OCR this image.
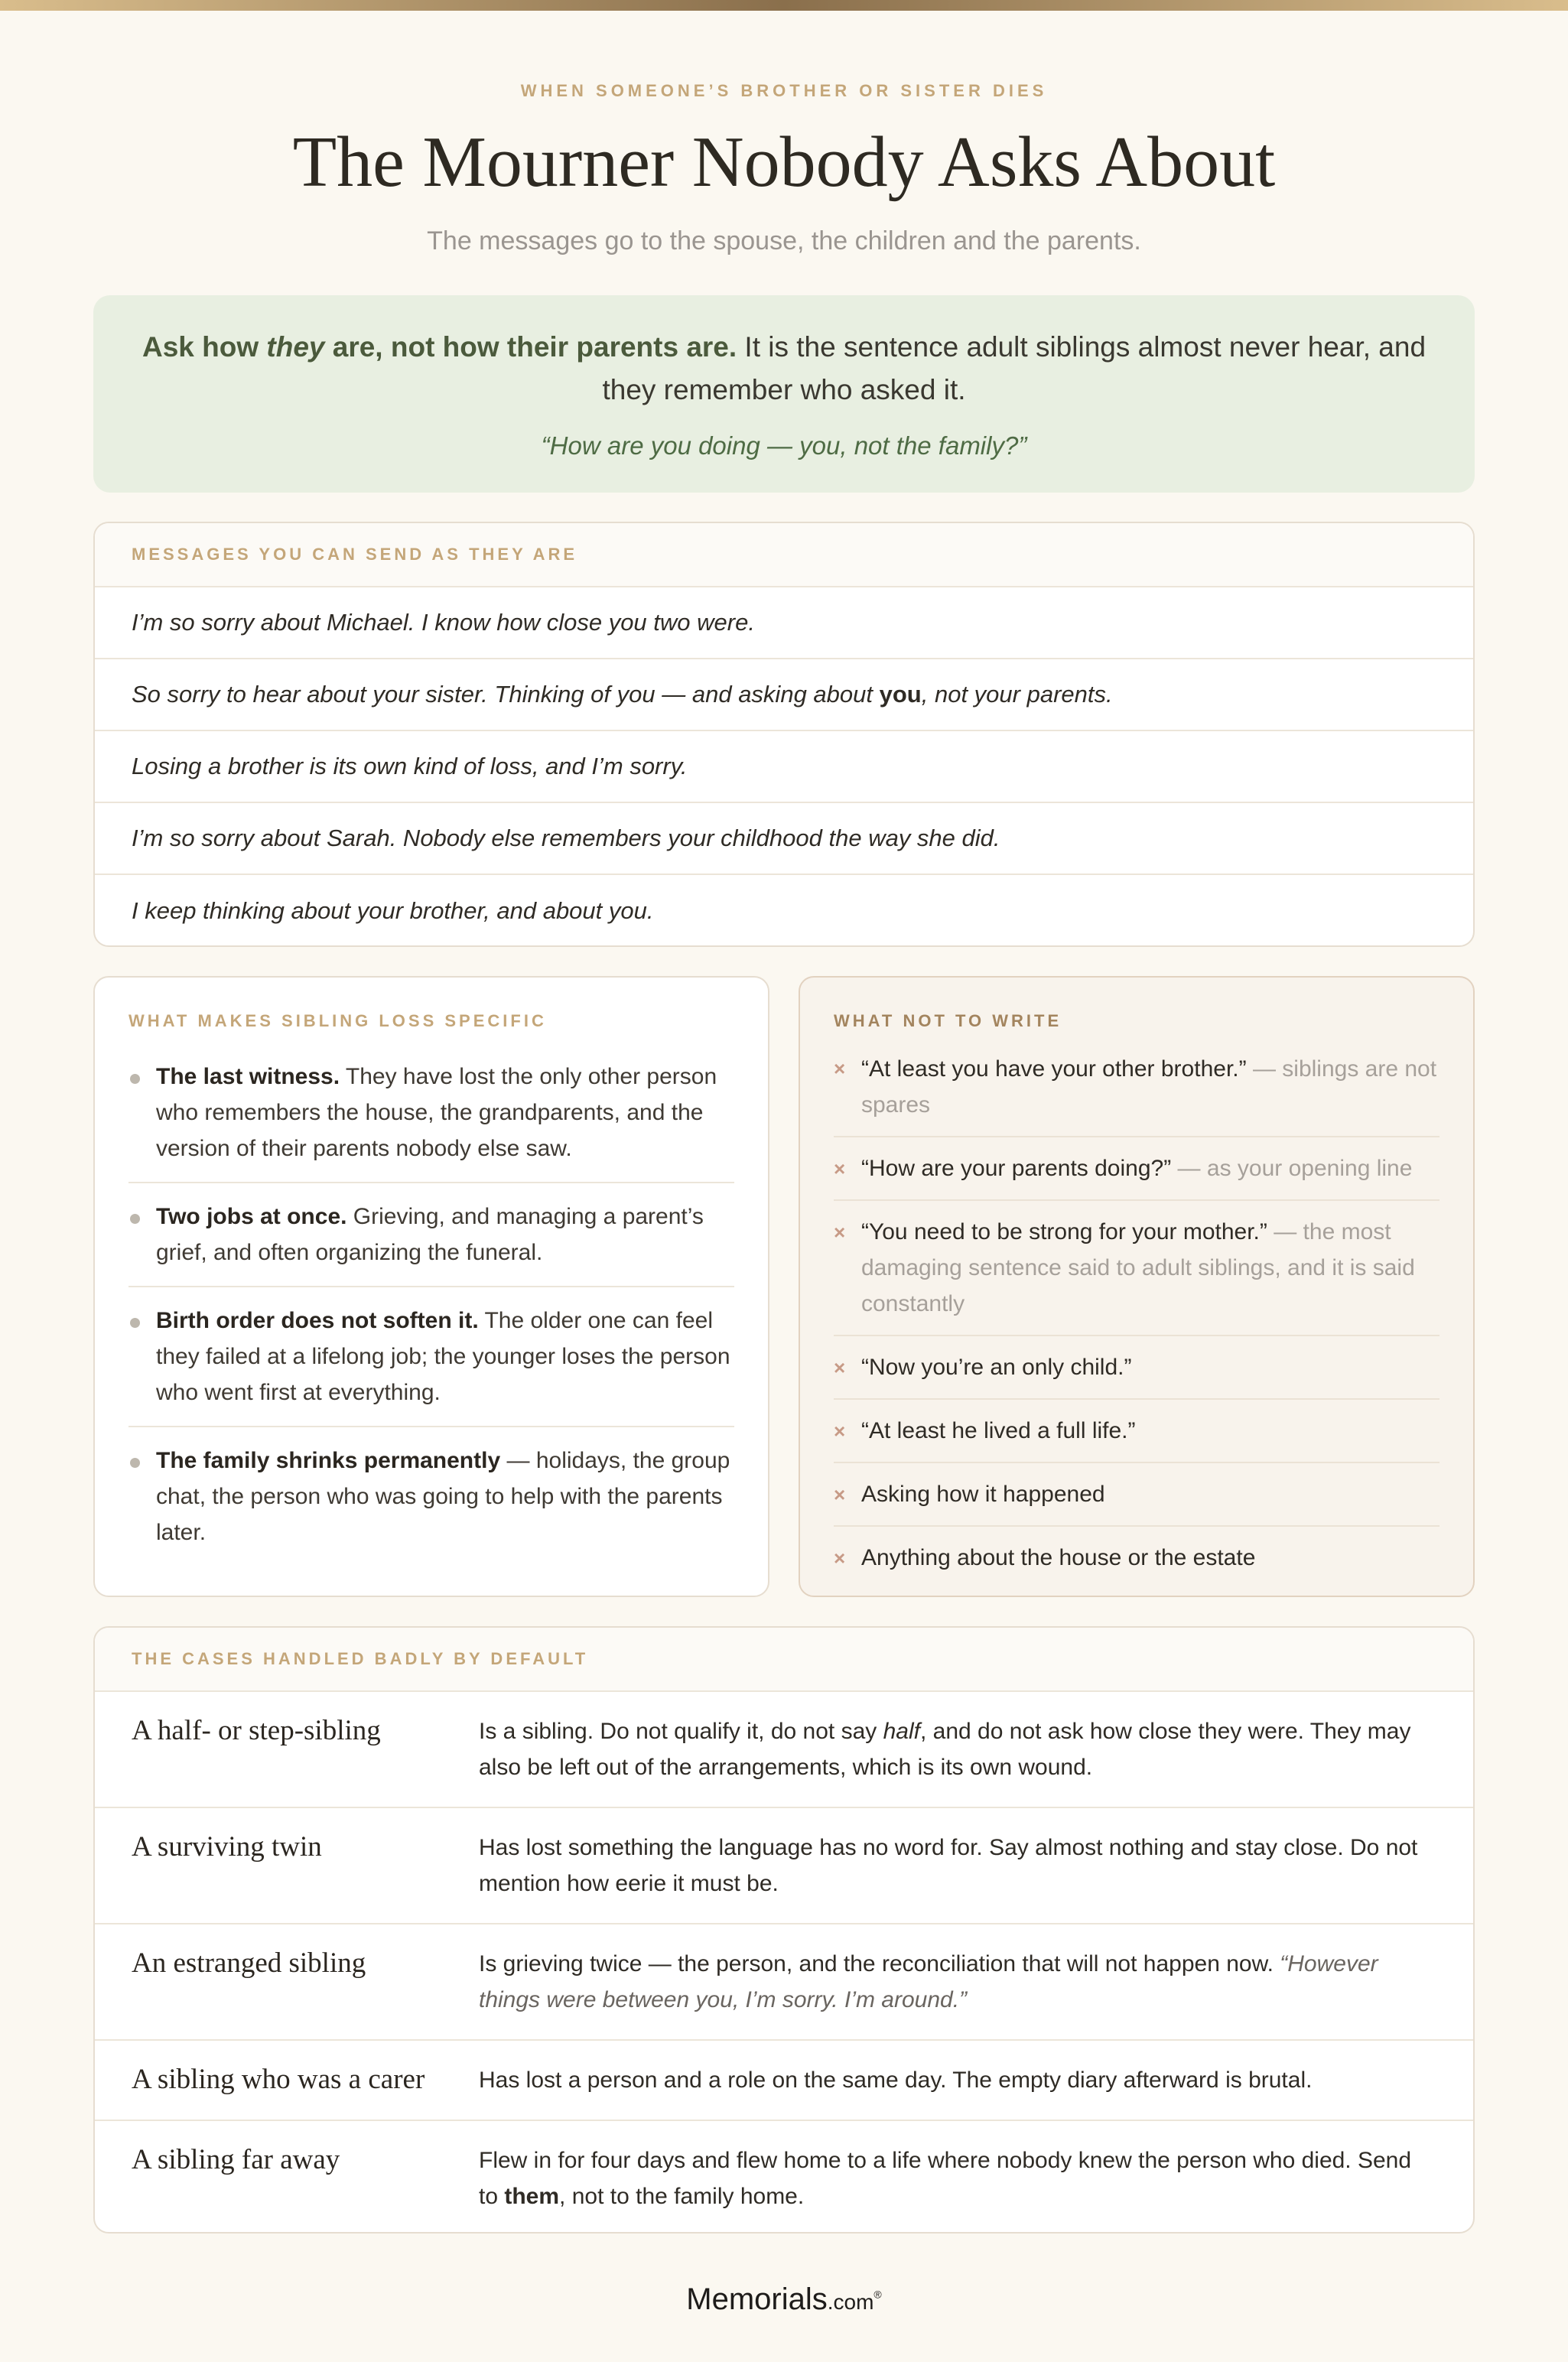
WHEN SOMEONE’S BROTHER OR SISTER DIES
The Mourner Nobody Asks About
The messages go to the spouse, the children and the parents.
Ask how they are, not how their parents are. It is the sentence adult siblings almost never hear, and they remember who asked it.
“How are you doing — you, not the family?”
MESSAGES YOU CAN SEND AS THEY ARE
I’m so sorry about Michael. I know how close you two were.
So sorry to hear about your sister. Thinking of you — and asking about you, not your parents.
Losing a brother is its own kind of loss, and I’m sorry.
I’m so sorry about Sarah. Nobody else remembers your childhood the way she did.
I keep thinking about your brother, and about you.
WHAT MAKES SIBLING LOSS SPECIFIC
The last witness. They have lost the only other person who remembers the house, the grandparents, and the version of their parents nobody else saw.
Two jobs at once. Grieving, and managing a parent’s grief, and often organizing the funeral.
Birth order does not soften it. The older one can feel they failed at a lifelong job; the younger loses the person who went first at everything.
The family shrinks permanently — holidays, the group chat, the person who was going to help with the parents later.
WHAT NOT TO WRITE
× “At least you have your other brother.” — siblings are not spares
× “How are your parents doing?” — as your opening line
× “You need to be strong for your mother.” — the most damaging sentence said to adult siblings, and it is said constantly
× “Now you’re an only child.”
× “At least he lived a full life.”
× Asking how it happened
× Anything about the house or the estate
THE CASES HANDLED BADLY BY DEFAULT
A half- or step-sibling	Is a sibling. Do not qualify it, do not say half, and do not ask how close they were. They may also be left out of the arrangements, which is its own wound.
A surviving twin	Has lost something the language has no word for. Say almost nothing and stay close. Do not mention how eerie it must be.
An estranged sibling	Is grieving twice — the person, and the reconciliation that will not happen now. “However things were between you, I’m sorry. I’m around.”
A sibling who was a carer	Has lost a person and a role on the same day. The empty diary afterward is brutal.
A sibling far away	Flew in for four days and flew home to a life where nobody knew the person who died. Send to them, not to the family home.
Memorials.com®
